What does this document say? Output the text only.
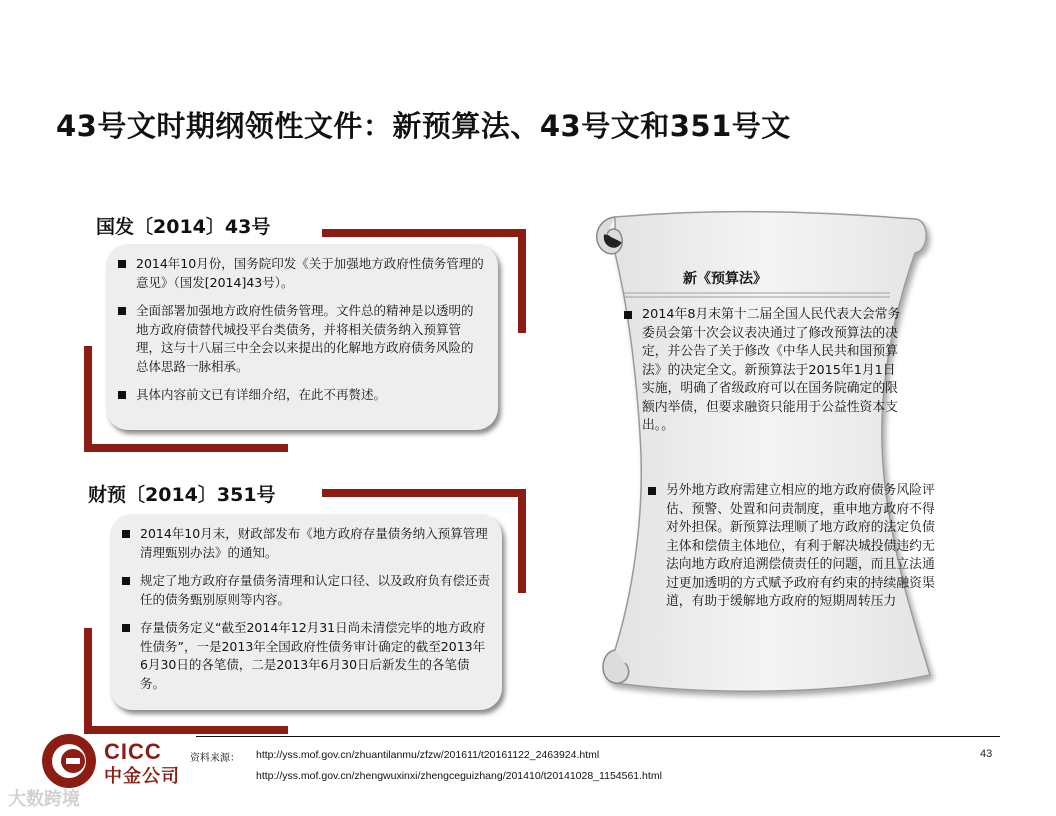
43号文时期纲领性文件：新预算法、43号文和351号文
国发〔2014〕43号
2014年10月份，国务院印发《关于加强地方政府性债务管理的意见》（国发[2014]43号）。
全面部署加强地方政府性债务管理。文件总的精神是以透明的地方政府债替代城投平台类债务，并将相关债务纳入预算管理，这与十八届三中全会以来提出的化解地方政府债务风险的总体思路一脉相承。
具体内容前文已有详细介绍，在此不再赘述。
财预〔2014〕351号
2014年10月末，财政部发布《地方政府存量债务纳入预算管理清理甄别办法》的通知。
规定了地方政府存量债务清理和认定口径、以及政府负有偿还责任的债务甄别原则等内容。
存量债务定义“截至2014年12月31日尚未清偿完毕的地方政府性债务”，一是2013年全国政府性债务审计确定的截至2013年6月30日的各笔债，二是2013年6月30日后新发生的各笔债务。
新《预算法》
2014年8月末第十二届全国人民代表大会常务委员会第十次会议表决通过了修改预算法的决定，并公告了关于修改《中华人民共和国预算法》的决定全文。新预算法于2015年1月1日实施，明确了省级政府可以在国务院确定的限额内举债，但要求融资只能用于公益性资本支出。。
另外地方政府需建立相应的地方政府债务风险评估、预警、处置和问责制度，重申地方政府不得对外担保。新预算法理顺了地方政府的法定负债主体和偿债主体地位，有利于解决城投债违约无法向地方政府追溯偿债责任的问题，而且立法通过更加透明的方式赋予政府有约束的持续融资渠道，有助于缓解地方政府的短期周转压力
CICC
中金公司
大数跨境
资料来源： http://yss.mof.gov.cn/zhuantilanmu/zfzw/201611/t20161122_2463924.html
http://yss.mof.gov.cn/zhengwuxinxi/zhengceguizhang/201410/t20141028_1154561.html
43
